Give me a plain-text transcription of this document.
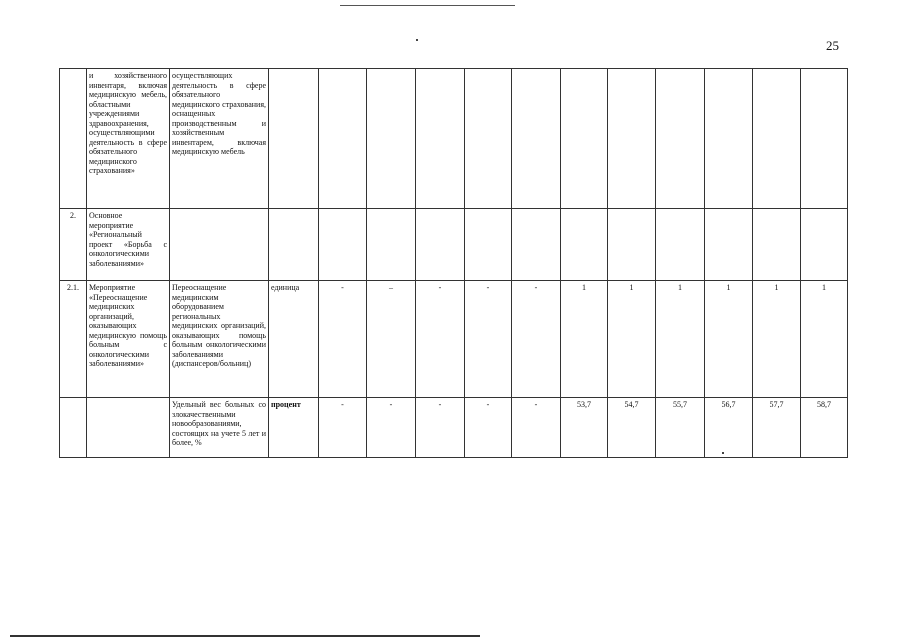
25
	и хозяйственного инвентаря, включая медицинскую мебель, областными учреждениями здравоохранения, осуществляющими деятельность в сфере обязательного медицинского страхования»	осуществляющих деятельность в сфере обязательного медицинского страхования, оснащенных производственным и хозяйственным инвентарем, включая медицинскую мебель												
2.	Основное мероприятие «Региональный проект «Борьба с онкологическими заболеваниями»													
2.1.	Мероприятие «Переоснащение медицинских организаций, оказывающих медицинскую помощь больным с онкологическими заболеваниями»	Переоснащение медицинским оборудованием региональных медицинских организаций, оказывающих помощь больным онкологическими заболеваниями (диспансеров/больниц)	единица	-	–	-	-	-	1	1	1	1	1	1
		Удельный вес больных со злокачественными новообразованиями, состоящих на учете 5 лет и более, %	процент	-	-	-	-	-	53,7	54,7	55,7	56,7	57,7	58,7
